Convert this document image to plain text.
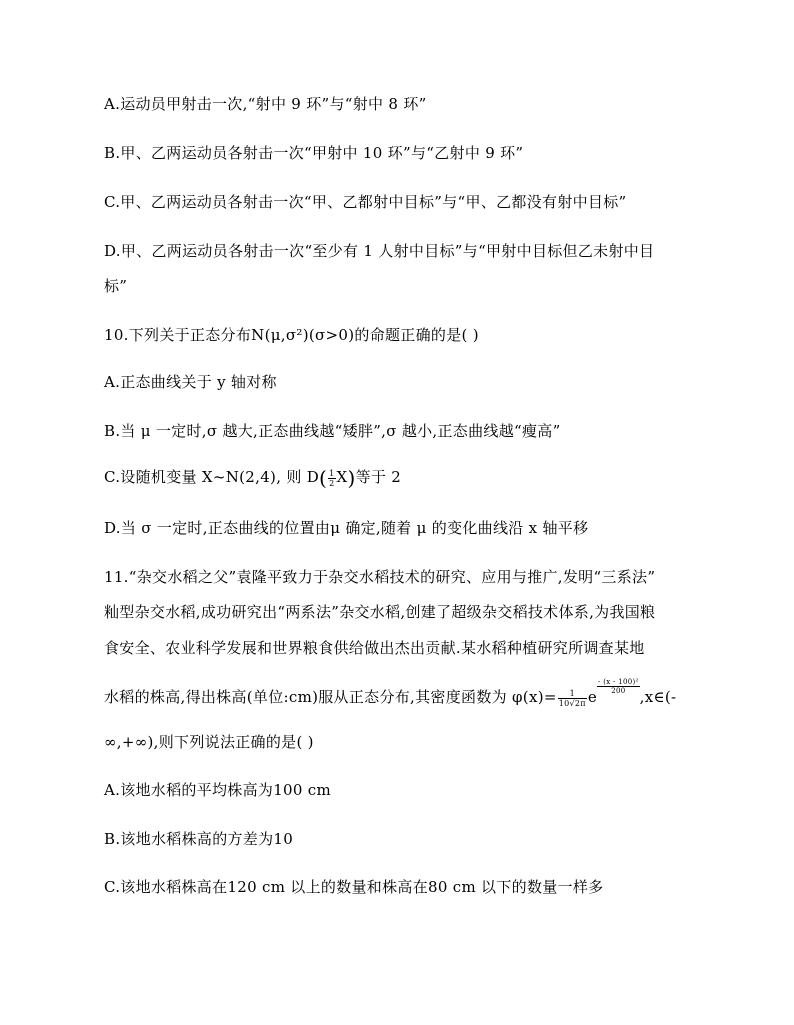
A.运动员甲射击一次,“射中 9 环”与“射中 8 环”
B.甲、乙两运动员各射击一次“甲射中 10 环”与“乙射中 9 环”
C.甲、乙两运动员各射击一次“甲、乙都射中目标”与“甲、乙都没有射中目标”
D.甲、乙两运动员各射击一次“至少有 1 人射中目标”与“甲射中目标但乙未射中目
标”
10.下列关于正态分布N(μ,σ²)(σ>0)的命题正确的是( )
A.正态曲线关于 y 轴对称
B.当 μ 一定时,σ 越大,正态曲线越“矮胖”,σ 越小,正态曲线越“瘦高”
C.设随机变量 X~N(2,4), 则 $D( \frac{1}{2} X)$等于 2
D.当 σ 一定时,正态曲线的位置由μ 确定,随着 μ 的变化曲线沿 x 轴平移
11.“杂交水稻之父”袁隆平致力于杂交水稻技术的研究、应用与推广,发明“三系法”
籼型杂交水稻,成功研究出“两系法”杂交水稻,创建了超级杂交稻技术体系,为我国粮
食安全、农业科学发展和世界粮食供给做出杰出贡献.某水稻种植研究所调查某地
水稻的株高,得出株高(单位:cm)服从正态分布,其密度函数为 $\varphi(x)= \frac{1}{10√2\pi}$ e
$\frac{\text{- (x - 100)²}}{200}$
,x∈(-
∞,+∞),则下列说法正确的是( )
A.该地水稻的平均株高为100 cm
B.该地水稻株高的方差为10
C.该地水稻株高在120 cm 以上的数量和株高在80 cm 以下的数量一样多
